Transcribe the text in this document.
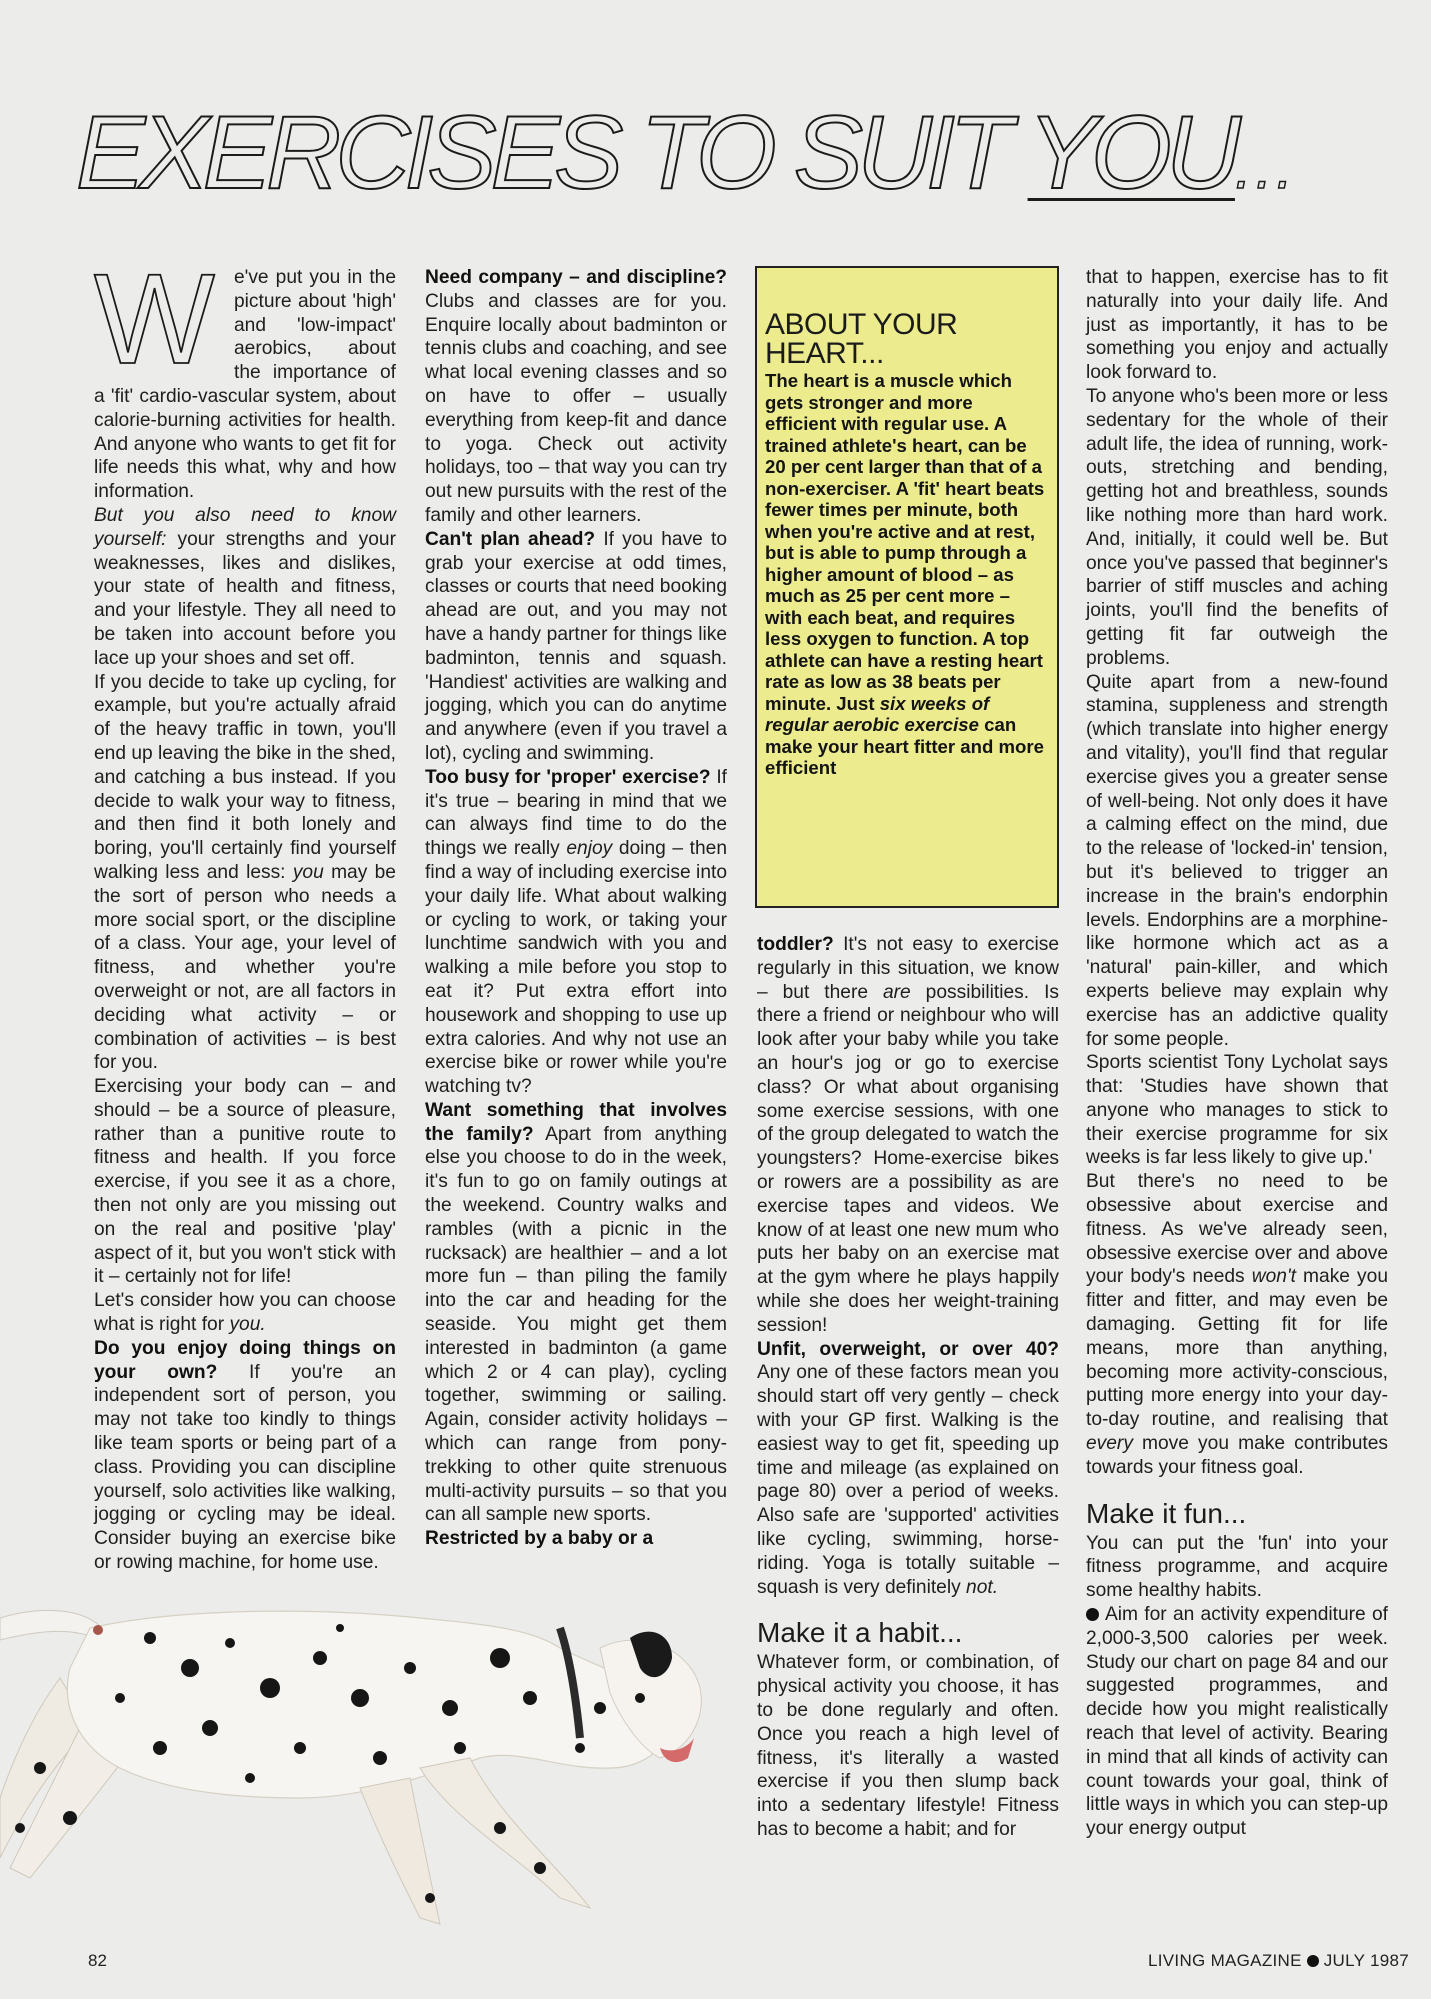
EXERCISES TO SUIT YOU...

W	e've put you in the picture about 'high' and 'low-impact' aerobics, about the importance of a 'fit' cardio-vascular system, about calorie-burning activities for health. And anyone who wants to get fit for life needs this what, why and how information.

But you also need to know yourself: your strengths and your weaknesses, likes and dislikes, your state of health and fitness, and your lifestyle. They all need to be taken into account before you lace up your shoes and set off.

If you decide to take up cycling, for example, but you're actually afraid of the heavy traffic in town, you'll end up leaving the bike in the shed, and catching a bus instead. If you decide to walk your way to fitness, and then find it both lonely and boring, you'll certainly find yourself walking less and less: you may be the sort of person who needs a more social sport, or the discipline of a class. Your age, your level of fitness, and whether you're overweight or not, are all factors in deciding what activity – or combination of activities – is best for you.

Exercising your body can – and should – be a source of pleasure, rather than a punitive route to fitness and health. If you force exercise, if you see it as a chore, then not only are you missing out on the real and positive 'play' aspect of it, but you won't stick with it – certainly not for life!

Let's consider how you can choose what is right for you.

Do you enjoy doing things on your own? If you're an independent sort of person, you may not take too kindly to things like team sports or being part of a class. Providing you can discipline yourself, solo activities like walking, jogging or cycling may be ideal. Consider buying an exercise bike or rowing machine, for home use.

Need company – and discipline? Clubs and classes are for you. Enquire locally about badminton or tennis clubs and coaching, and see what local evening classes and so on have to offer – usually everything from keep-fit and dance to yoga. Check out activity holidays, too – that way you can try out new pursuits with the rest of the family and other learners.

Can't plan ahead? If you have to grab your exercise at odd times, classes or courts that need booking ahead are out, and you may not have a handy partner for things like badminton, tennis and squash. 'Handiest' activities are walking and jogging, which you can do anytime and anywhere (even if you travel a lot), cycling and swimming.

Too busy for 'proper' exercise? If it's true – bearing in mind that we can always find time to do the things we really enjoy doing – then find a way of including exercise into your daily life. What about walking or cycling to work, or taking your lunchtime sandwich with you and walking a mile before you stop to eat it? Put extra effort into housework and shopping to use up extra calories. And why not use an exercise bike or rower while you're watching tv?

Want something that involves the family? Apart from anything else you choose to do in the week, it's fun to go on family outings at the weekend. Country walks and rambles (with a picnic in the rucksack) are healthier – and a lot more fun – than piling the family into the car and heading for the seaside. You might get them interested in badminton (a game which 2 or 4 can play), cycling together, swimming or sailing. Again, consider activity holidays – which can range from pony-trekking to other quite strenuous multi-activity pursuits – so that you can all sample new sports.

Restricted by a baby or a

ABOUT YOUR HEART...
The heart is a muscle which gets stronger and more efficient with regular use. A trained athlete's heart, can be 20 per cent larger than that of a non-exerciser. A 'fit' heart beats fewer times per minute, both when you're active and at rest, but is able to pump through a higher amount of blood – as much as 25 per cent more – with each beat, and requires less oxygen to function. A top athlete can have a resting heart rate as low as 38 beats per minute. Just six weeks of regular aerobic exercise can make your heart fitter and more efficient

toddler? It's not easy to exercise regularly in this situation, we know – but there are possibilities. Is there a friend or neighbour who will look after your baby while you take an hour's jog or go to exercise class? Or what about organising some exercise sessions, with one of the group delegated to watch the youngsters? Home-exercise bikes or rowers are a possibility as are exercise tapes and videos. We know of at least one new mum who puts her baby on an exercise mat at the gym where he plays happily while she does her weight-training session!

Unfit, overweight, or over 40? Any one of these factors mean you should start off very gently – check with your GP first. Walking is the easiest way to get fit, speeding up time and mileage (as explained on page 80) over a period of weeks. Also safe are 'supported' activities like cycling, swimming, horse-riding. Yoga is totally suitable – squash is very definitely not.

Make it a habit...

Whatever form, or combination, of physical activity you choose, it has to be done regularly and often. Once you reach a high level of fitness, it's literally a wasted exercise if you then slump back into a sedentary lifestyle! Fitness has to become a habit; and for

that to happen, exercise has to fit naturally into your daily life. And just as importantly, it has to be something you enjoy and actually look forward to.

To anyone who's been more or less sedentary for the whole of their adult life, the idea of running, work-outs, stretching and bending, getting hot and breathless, sounds like nothing more than hard work. And, initially, it could well be. But once you've passed that beginner's barrier of stiff muscles and aching joints, you'll find the benefits of getting fit far outweigh the problems.

Quite apart from a new-found stamina, suppleness and strength (which translate into higher energy and vitality), you'll find that regular exercise gives you a greater sense of well-being. Not only does it have a calming effect on the mind, due to the release of 'locked-in' tension, but it's believed to trigger an increase in the brain's endorphin levels. Endorphins are a morphine-like hormone which act as a 'natural' pain-killer, and which experts believe may explain why exercise has an addictive quality for some people.

Sports scientist Tony Lycholat says that: 'Studies have shown that anyone who manages to stick to their exercise programme for six weeks is far less likely to give up.'

But there's no need to be obsessive about exercise and fitness. As we've already seen, obsessive exercise over and above your body's needs won't make you fitter and fitter, and may even be damaging. Getting fit for life means, more than anything, becoming more activity-conscious, putting more energy into your day-to-day routine, and realising that every move you make contributes towards your fitness goal.

Make it fun...

You can put the 'fun' into your fitness programme, and acquire some healthy habits.

Aim for an activity expenditure of 2,000-3,500 calories per week. Study our chart on page 84 and our suggested programmes, and decide how you might realistically reach that level of activity. Bearing in mind that all kinds of activity can count towards your goal, think of little ways in which you can step-up your energy output

82	LIVING MAGAZINE JULY 1987
